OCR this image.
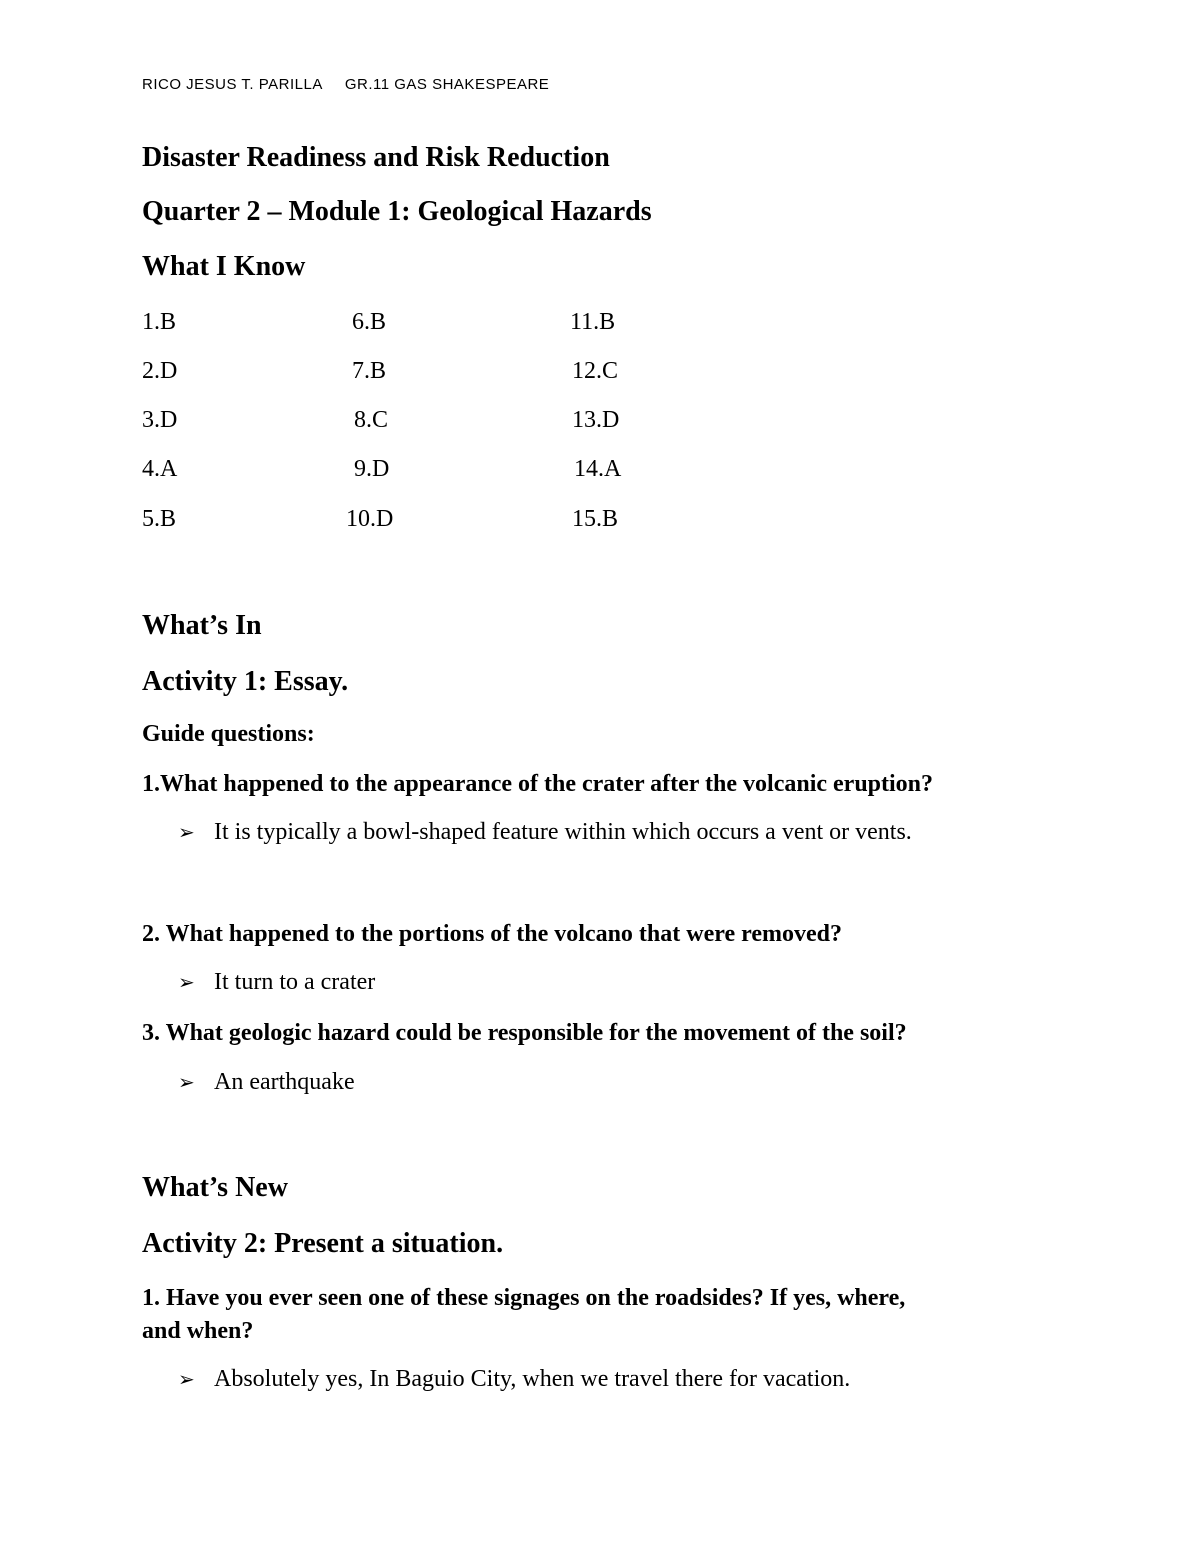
RICO JESUS T. PARILLA GR.11 GAS SHAKESPEARE
Disaster Readiness and Risk Reduction
Quarter 2 – Module 1: Geological Hazards
What I Know
1.B	6.B	11.B
2.D	7.B	12.C
3.D	8.C	13.D
4.A	9.D	14.A
5.B	10.D	15.B
What’s In
Activity 1: Essay.
Guide questions:
1.What happened to the appearance of the crater after the volcanic eruption?
➢ It is typically a bowl-shaped feature within which occurs a vent or vents.
2. What happened to the portions of the volcano that were removed?
➢ It turn to a crater
3. What geologic hazard could be responsible for the movement of the soil?
➢ An earthquake
What’s New
Activity 2: Present a situation.
1. Have you ever seen one of these signages on the roadsides? If yes, where,
and when?
➢ Absolutely yes, In Baguio City, when we travel there for vacation.
